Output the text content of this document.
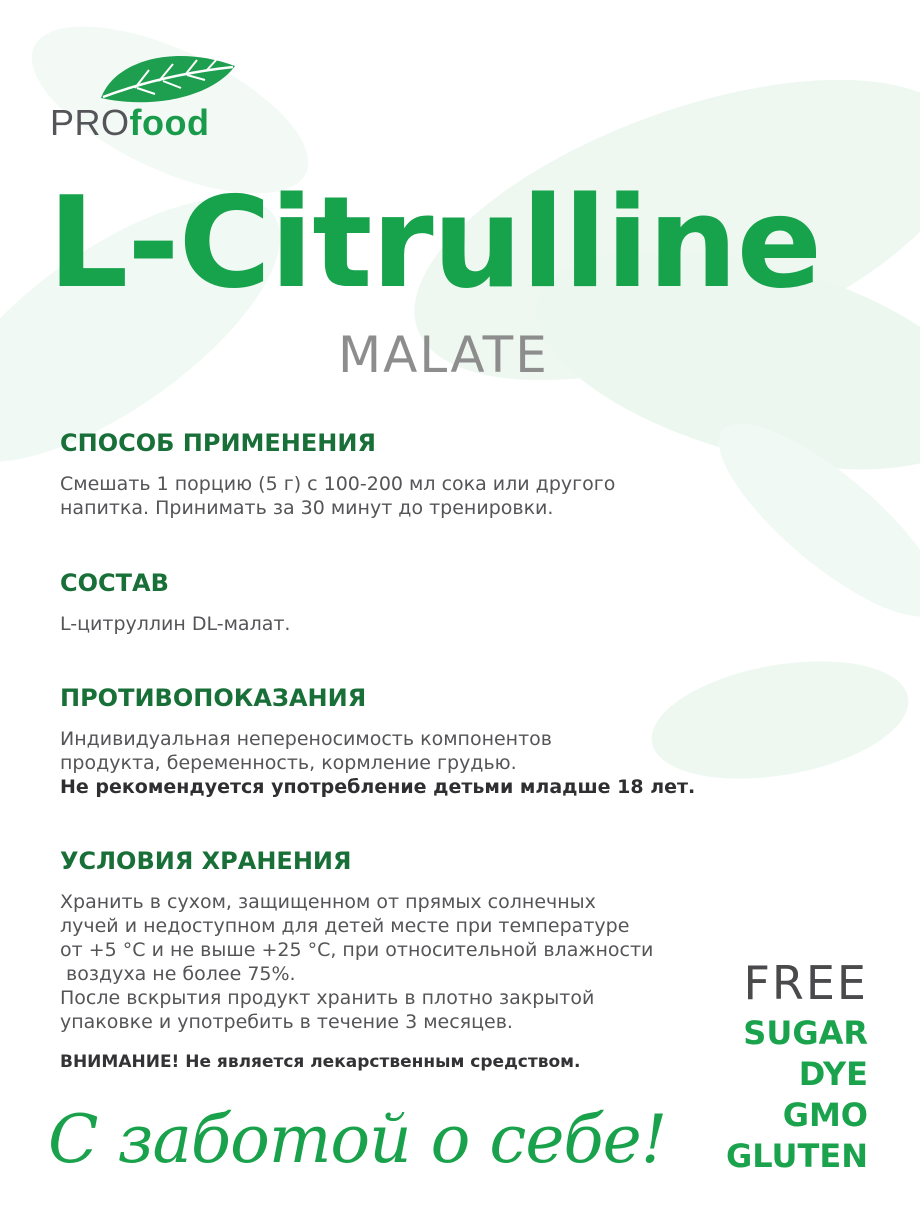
PROfood
L-Citrulline
MALATE
СПОСОБ ПРИМЕНЕНИЯ
Смешать 1 порцию (5 г) с 100-200 мл сока или другого
напитка. Принимать за 30 минут до тренировки.
СОСТАВ
L-цитруллин DL-малат.
ПРОТИВОПОКАЗАНИЯ
Индивидуальная непереносимость компонентов
продукта, беременность, кормление грудью.
Не рекомендуется употребление детьми младше 18 лет.
УСЛОВИЯ ХРАНЕНИЯ
Хранить в сухом, защищенном от прямых солнечных
лучей и недоступном для детей месте при температуре
от +5 °С и не выше +25 °С, при относительной влажности
воздуха не более 75%.
После вскрытия продукт хранить в плотно закрытой
упаковке и употребить в течение 3 месяцев.
ВНИМАНИЕ! Не является лекарственным средством.
С заботой о себе!
FREE
SUGAR
DYE
GMO
GLUTEN
